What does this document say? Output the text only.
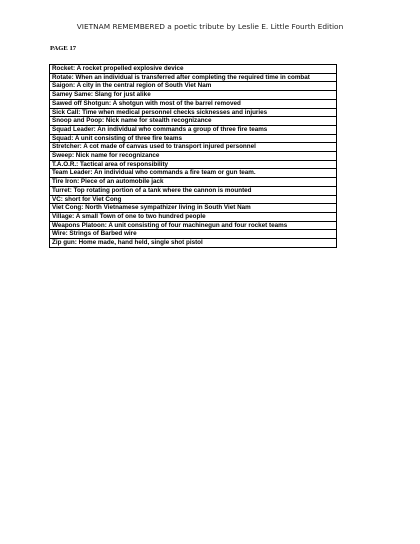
VIETNAM REMEMBERED a poetic tribute by Leslie E. Little Fourth Edition
PAGE 17
Rocket: A rocket propelled explosive device
Rotate: When an individual is transferred after completing the required time in combat
Saigon: A city in the central region of South Viet Nam
Samey Same: Slang for just alike
Sawed off Shotgun: A shotgun with most of the barrel removed
Sick Call: Time when medical personnel checks sicknesses and injuries
Snoop and Poop: Nick name for stealth recognizance
Squad Leader: An individual who commands a group of three fire teams
Squad: A unit consisting of three fire teams
Stretcher: A cot made of canvas used to transport injured personnel
Sweep: Nick name for recognizance
T.A.O.R.: Tactical area of responsibility
Team Leader: An individual who commands a fire team or gun team.
Tire Iron: Piece of an automobile jack
Turret: Top rotating portion of a tank where the cannon is mounted
VC: short for Viet Cong
Viet Cong: North Vietnamese sympathizer living in South Viet Nam
Village: A small Town of one to two hundred people
Weapons Platoon: A unit consisting of four machinegun and four rocket teams
Wire: Strings of Barbed wire
Zip gun: Home made, hand held, single shot pistol
